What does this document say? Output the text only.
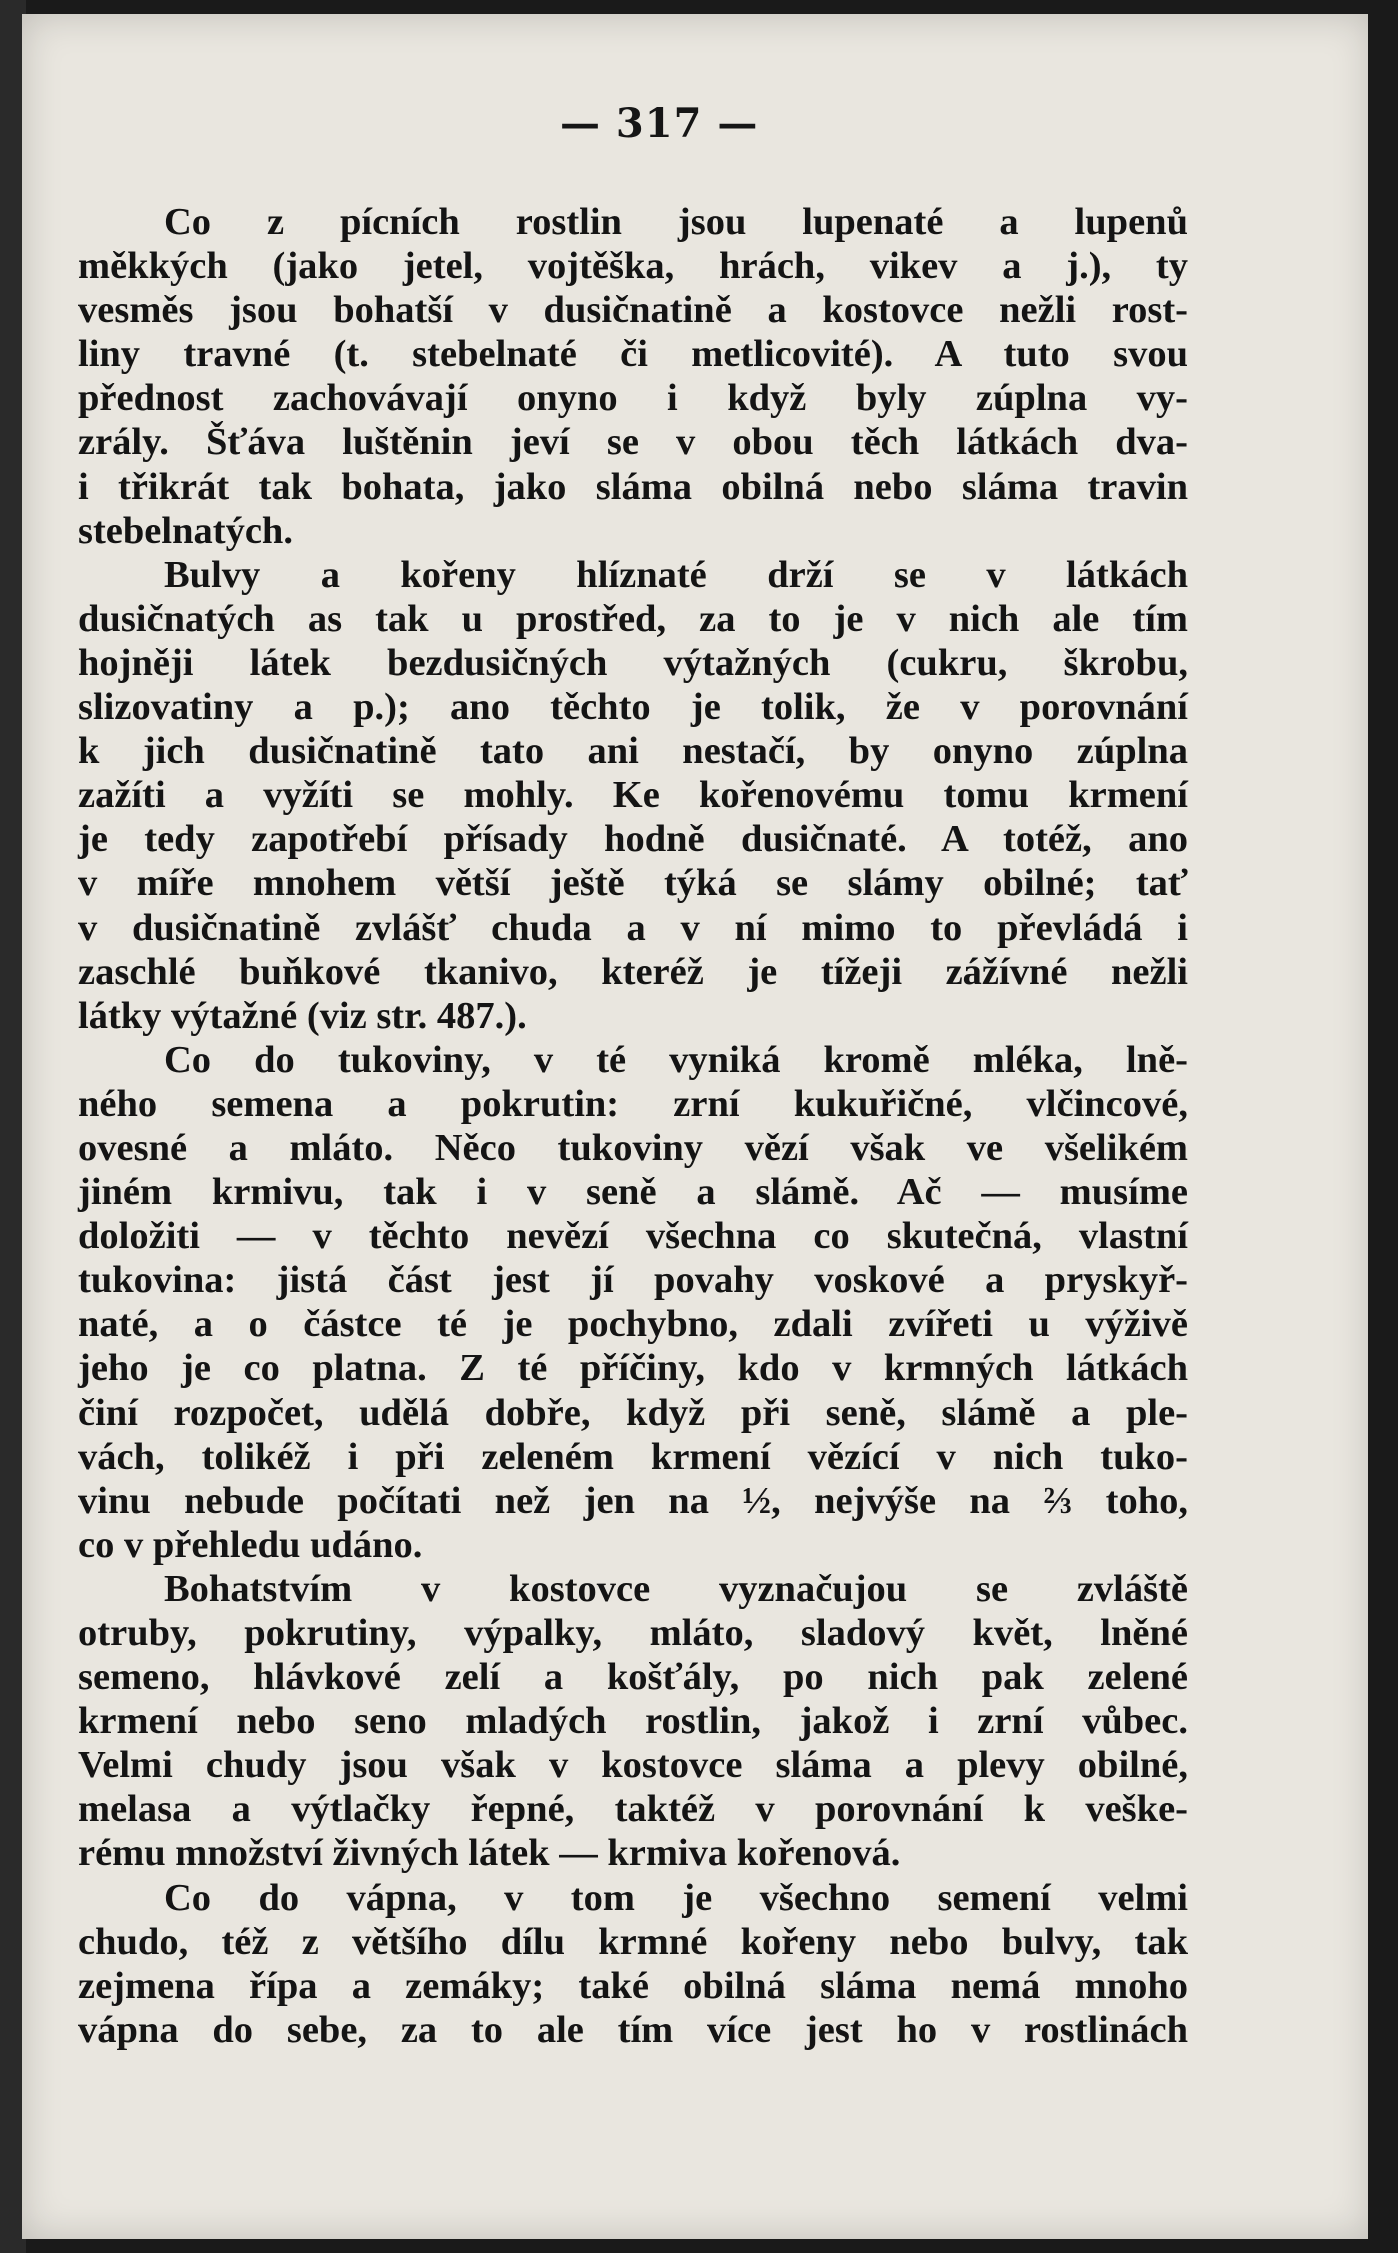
— 317 —
Co z pícních rostlin jsou lupenaté a lupenů
měkkých (jako jetel, vojtěška, hrách, vikev a j.), ty
vesměs jsou bohatší v dusičnatině a kostovce nežli rost-
liny travné (t. stebelnaté či metlicovité). A tuto svou
přednost zachovávají onyno i když byly zúplna vy-
zrály. Šťáva luštěnin jeví se v obou těch látkách dva-
i třikrát tak bohata, jako sláma obilná nebo sláma travin
stebelnatých.
Bulvy a kořeny hlíznaté drží se v látkách
dusičnatých as tak u prostřed, za to je v nich ale tím
hojněji látek bezdusičných výtažných (cukru, škrobu,
slizovatiny a p.); ano těchto je tolik, že v porovnání
k jich dusičnatině tato ani nestačí, by onyno zúplna
zažíti a vyžíti se mohly. Ke kořenovému tomu krmení
je tedy zapotřebí přísady hodně dusičnaté. A totéž, ano
v míře mnohem větší ještě týká se slámy obilné; tať
v dusičnatině zvlášť chuda a v ní mimo to převládá i
zaschlé buňkové tkanivo, kteréž je tížeji zážívné nežli
látky výtažné (viz str. 487.).
Co do tukoviny, v té vyniká kromě mléka, lně-
ného semena a pokrutin: zrní kukuřičné, vlčincové,
ovesné a mláto. Něco tukoviny vězí však ve všelikém
jiném krmivu, tak i v seně a slámě. Ač — musíme
doložiti — v těchto nevězí všechna co skutečná, vlastní
tukovina: jistá část jest jí povahy voskové a pryskyř-
naté, a o částce té je pochybno, zdali zvířeti u výživě
jeho je co platna. Z té příčiny, kdo v krmných látkách
činí rozpočet, udělá dobře, když při seně, slámě a ple-
vách, tolikéž i při zeleném krmení vězící v nich tuko-
vinu nebude počítati než jen na ½, nejvýše na ⅔ toho,
co v přehledu udáno.
Bohatstvím v kostovce vyznačujou se zvláště
otruby, pokrutiny, výpalky, mláto, sladový květ, lněné
semeno, hlávkové zelí a košťály, po nich pak zelené
krmení nebo seno mladých rostlin, jakož i zrní vůbec.
Velmi chudy jsou však v kostovce sláma a plevy obilné,
melasa a výtlačky řepné, taktéž v porovnání k veške-
rému množství živných látek — krmiva kořenová.
Co do vápna, v tom je všechno semení velmi
chudo, též z většího dílu krmné kořeny nebo bulvy, tak
zejmena řípa a zemáky; také obilná sláma nemá mnoho
vápna do sebe, za to ale tím více jest ho v rostlinách
